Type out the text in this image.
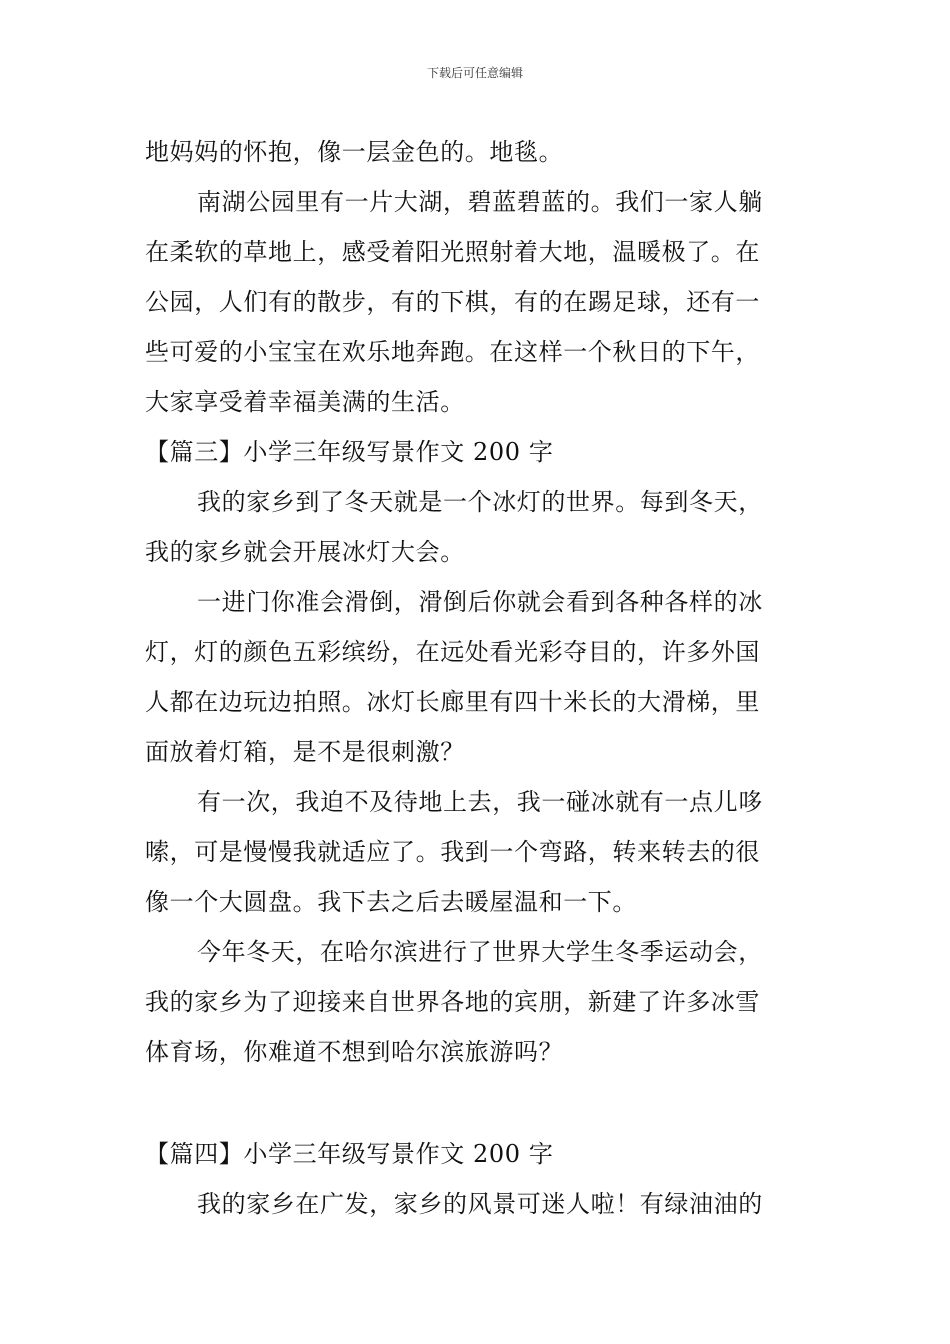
下载后可任意编辑
地妈妈的怀抱，像一层金色的。地毯。
南湖公园里有一片大湖，碧蓝碧蓝的。我们一家人躺
在柔软的草地上，感受着阳光照射着大地，温暖极了。在
公园，人们有的散步，有的下棋，有的在踢足球，还有一
些可爱的小宝宝在欢乐地奔跑。在这样一个秋日的下午，
大家享受着幸福美满的生活。
【篇三】小学三年级写景作文 200 字
我的家乡到了冬天就是一个冰灯的世界。每到冬天，
我的家乡就会开展冰灯大会。
一进门你准会滑倒，滑倒后你就会看到各种各样的冰
灯，灯的颜色五彩缤纷，在远处看光彩夺目的，许多外国
人都在边玩边拍照。冰灯长廊里有四十米长的大滑梯，里
面放着灯箱，是不是很刺激？
有一次，我迫不及待地上去，我一碰冰就有一点儿哆
嗦，可是慢慢我就适应了。我到一个弯路，转来转去的很
像一个大圆盘。我下去之后去暖屋温和一下。
今年冬天，在哈尔滨进行了世界大学生冬季运动会，
我的家乡为了迎接来自世界各地的宾朋，新建了许多冰雪
体育场，你难道不想到哈尔滨旅游吗？
【篇四】小学三年级写景作文 200 字
我的家乡在广发，家乡的风景可迷人啦！有绿油油的
